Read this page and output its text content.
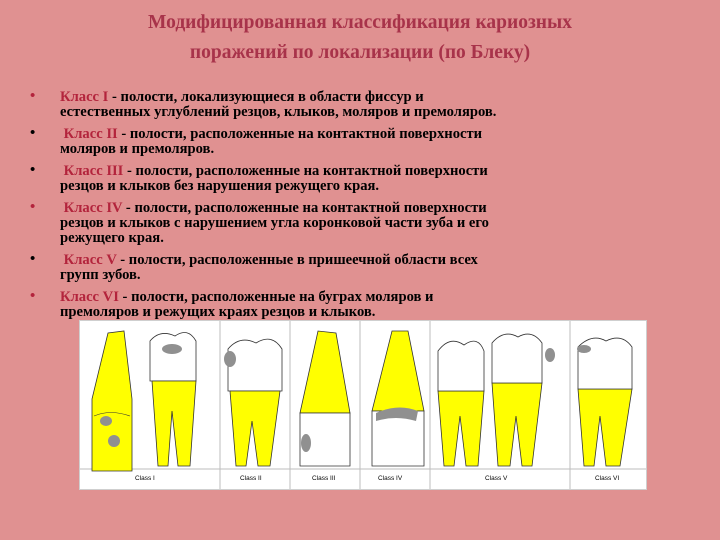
Модифицированная классификация кариозных
поражений по локализации (по Блеку)
• Класс I - полости, локализующиеся в области фиссур и
естественных углублений резцов, клыков, моляров и премоляров.
• Класс II - полости, расположенные на контактной поверхности
моляров и премоляров.
• Класс III - полости, расположенные на контактной поверхности
резцов и клыков без нарушения режущего края.
• Класс IV - полости, расположенные на контактной поверхности
резцов и клыков с нарушением угла коронковой части зуба и его
режущего края.
• Класс V - полости, расположенные в пришеечной области всех
групп зубов.
• Класс VI - полости, расположенные на буграх моляров и
премоляров и режущих краях резцов и клыков.
Class I	Class II	Class III	Class IV	Class V	Class VI
